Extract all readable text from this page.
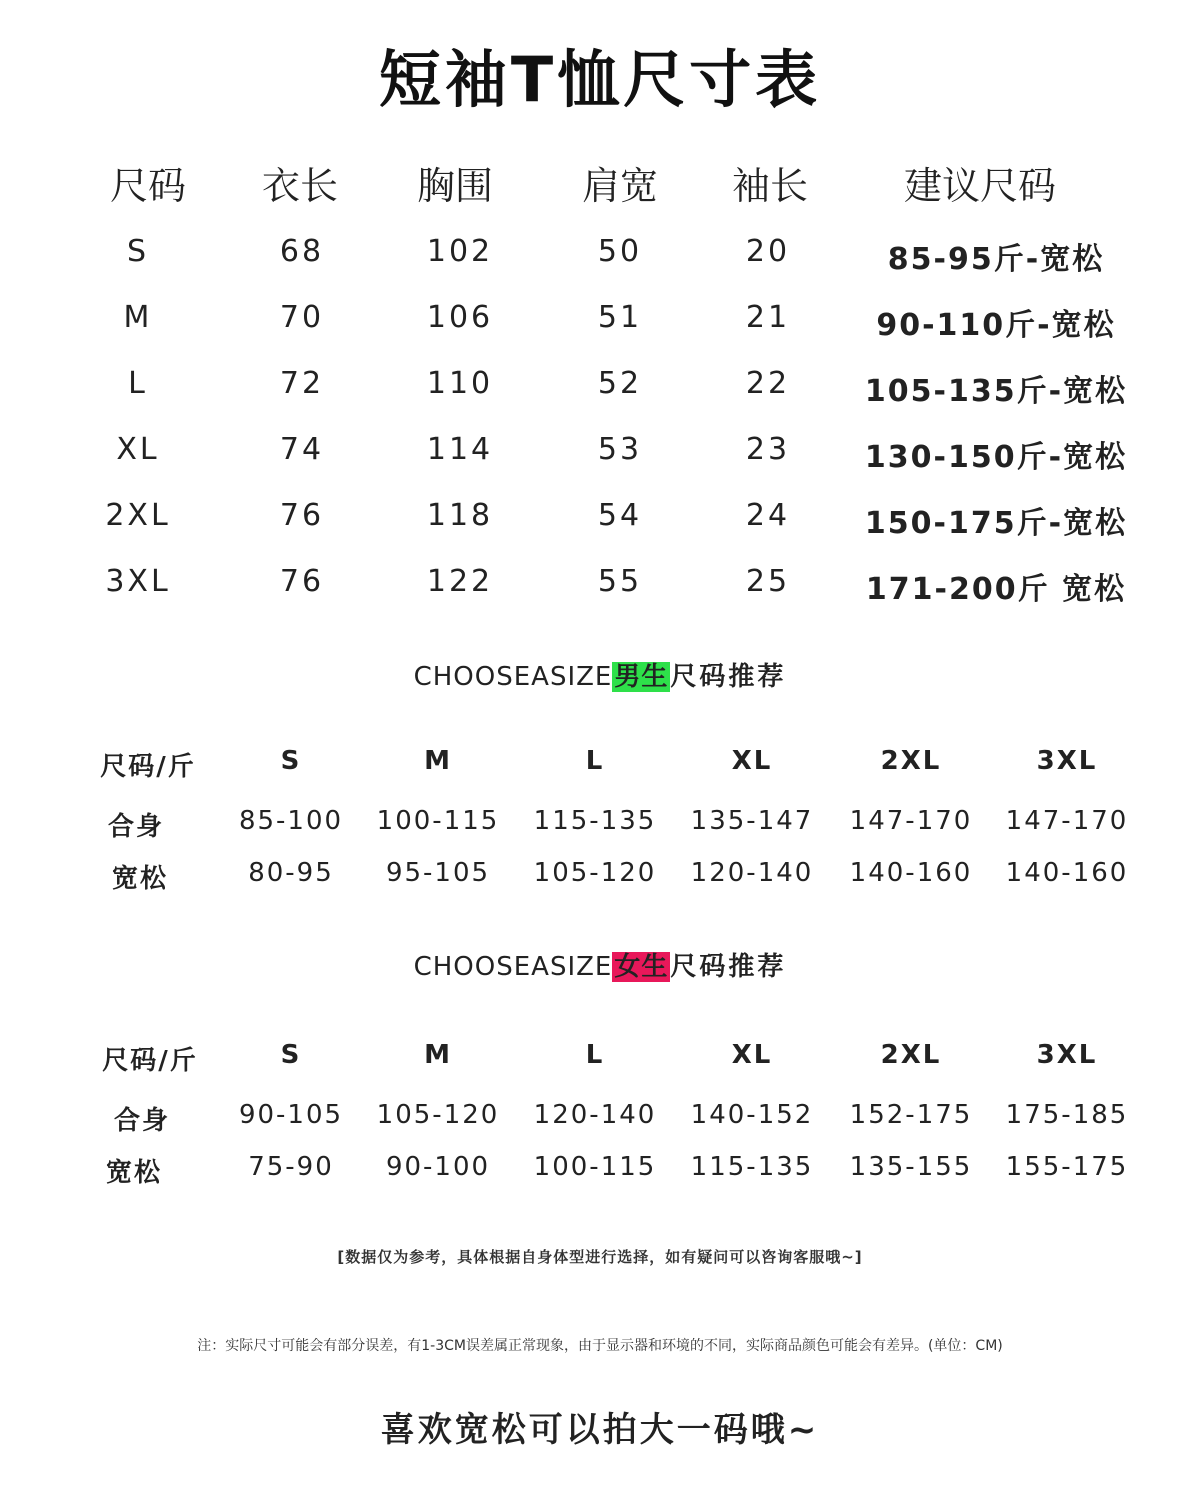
短袖T恤尺寸表
尺码 衣长 胸围 肩宽 袖长	建议尺码
S	68	102	50	20	85-95斤-宽松
M	70	106	51	21	90-110斤-宽松
L	72	110	52	22 105-135斤-宽松
XL	74	114	53	23 130-150斤-宽松
2XL	76	118	54	24 150-175斤-宽松
3XL	76	122	55	25	171-200斤 宽松
CHOOSEASIZE男生尺码推荐
尺码/斤	S	M	L	XL	2XL	3XL
合身	85-100 100-115 115-135 135-147 147-170 147-170
宽松	80-95 95-105 105-120 120-140 140-160 140-160
CHOOSEASIZE女生尺码推荐
尺码/斤	S	M	L	XL	2XL	3XL
合身	90-105 105-120 120-140 140-152 152-175 175-185
宽松	75-90 90-100 100-115 115-135 135-155 155-175
[数据仅为参考，具体根据自身体型进行选择，如有疑问可以咨询客服哦~]
注：实际尺寸可能会有部分误差，有1-3CM误差属正常现象，由于显示器和环境的不同，实际商品颜色可能会有差异。(单位：CM)
喜欢宽松可以拍大一码哦~
